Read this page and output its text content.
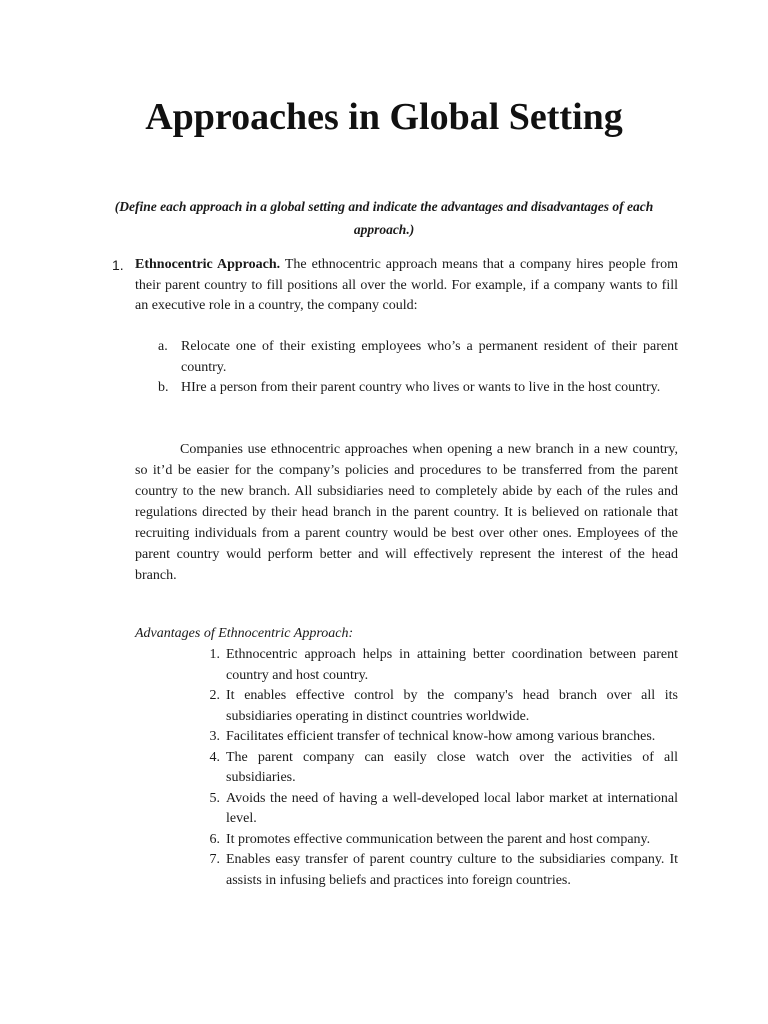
Approaches in Global Setting

(Define each approach in a global setting and indicate the advantages and disadvantages of each approach.)

1. Ethnocentric Approach. The ethnocentric approach means that a company hires people from their parent country to fill positions all over the world. For example, if a company wants to fill an executive role in a country, the company could:

a. Relocate one of their existing employees who’s a permanent resident of their parent country.

b. HIre a person from their parent country who lives or wants to live in the host country.

Companies use ethnocentric approaches when opening a new branch in a new country, so it’d be easier for the company’s policies and procedures to be transferred from the parent country to the new branch. All subsidiaries need to completely abide by each of the rules and regulations directed by their head branch in the parent country. It is believed on rationale that recruiting individuals from a parent country would be best over other ones. Employees of the parent country would perform better and will effectively represent the interest of the head branch.

Advantages of Ethnocentric Approach:

1. Ethnocentric approach helps in attaining better coordination between parent country and host country.

2. It enables effective control by the company's head branch over all its subsidiaries operating in distinct countries worldwide.

3. Facilitates efficient transfer of technical know-how among various branches.

4. The parent company can easily close watch over the activities of all subsidiaries.

5. Avoids the need of having a well-developed local labor market at international level.

6. It promotes effective communication between the parent and host company.

7. Enables easy transfer of parent country culture to the subsidiaries company. It assists in infusing beliefs and practices into foreign countries.
